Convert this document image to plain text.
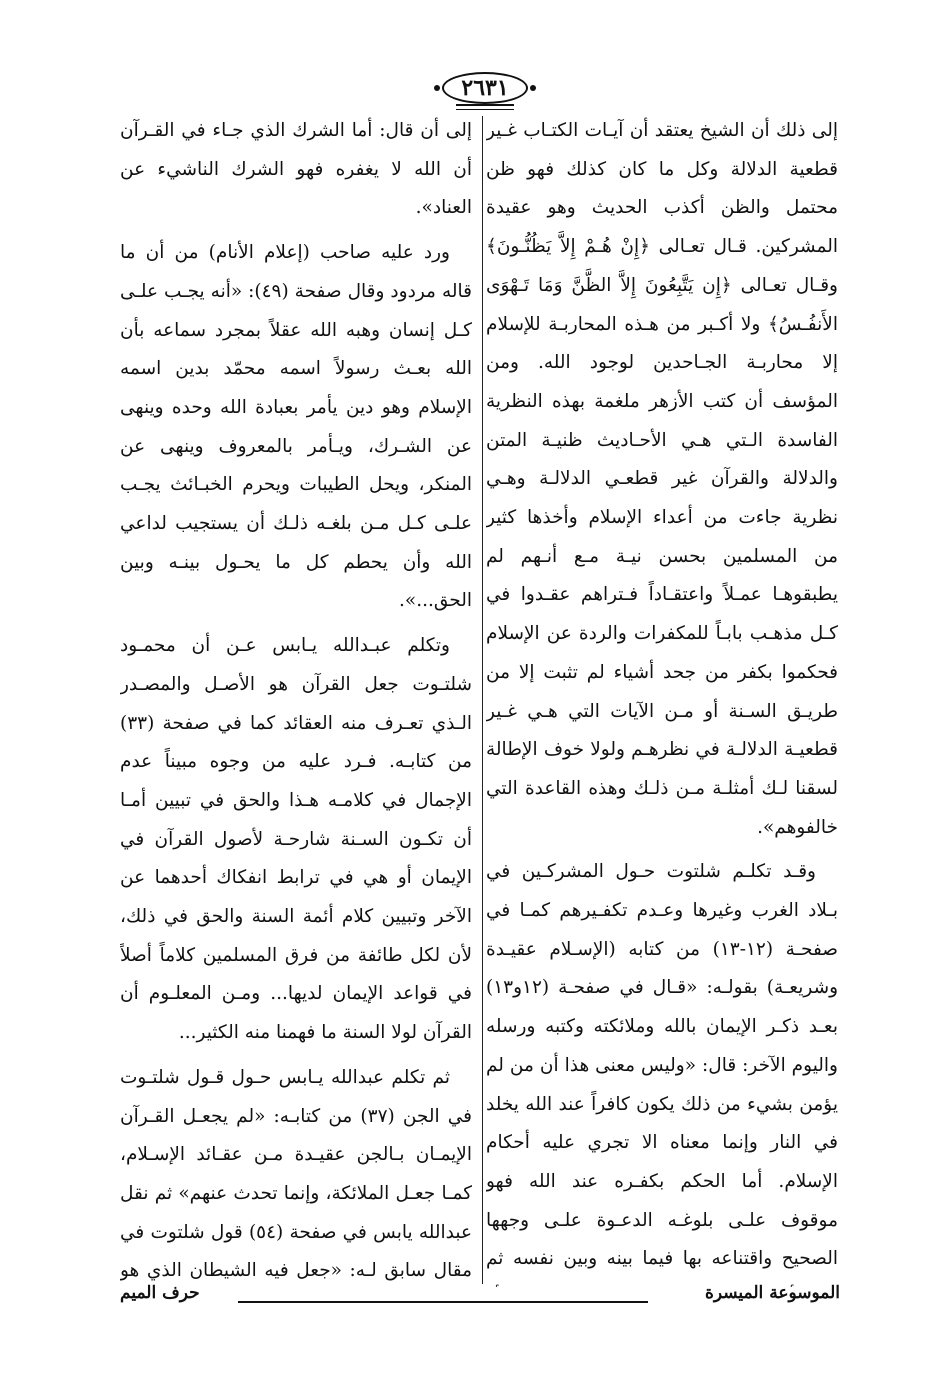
٢٦٣١

إلى ذلك أن الشيخ يعتقد أن آيـات الكتـاب غـير قطعية الدلالة وكل ما كان كذلك فهو ظن محتمل والظن أكذب الحديث وهو عقيدة المشركين. قـال تعـالى ﴿إِنْ هُـمْ إِلاَّ يَظُنُّـونَ﴾ وقـال تعـالى ﴿إِن يَتَّبِعُونَ إِلاَّ الظَّنَّ وَمَا تَـهْوَى الأَنفُـسُ﴾ ولا أكـبر من هـذه المحاربـة للإسلام إلا محاربـة الجـاحدين لوجود الله. ومن المؤسف أن كتب الأزهر ملغمة بهذه النظرية الفاسدة الـتي هـي الأحـاديث ظنيـة المتن والدلالة والقرآن غير قطعـي الدلالـة وهـي نظرية جاءت من أعداء الإسلام وأخذها كثير من المسلمين بحسن نيـة مـع أنـهم لم يطبقوهـا عمـلاً واعتقـاداً فـتراهم عقـدوا في كـل مذهـب بابـاً للمكفرات والردة عن الإسلام فحكموا بكفر من جحد أشياء لم تثبت إلا من طريـق السـنة أو مـن الآيات التي هـي غـير قطعيـة الدلالـة في نظرهـم ولولا خوف الإطالة لسقنا لـك أمثلـة مـن ذلـك وهذه القاعدة التي خالفوهم».

وقـد تكلـم شلتوت حـول المشركـين في بـلاد الغرب وغيرها وعـدم تكفـيرهم كمـا في صفحـة (١٢-١٣) من كتابه (الإسـلام عقيـدة وشريعـة) بقولـه: «قـال في صفحـة (١٢و١٣) بعـد ذكـر الإيمان بالله وملائكته وكتبه ورسله واليوم الآخر: قال: «وليس معنى هذا أن من لم يؤمن بشيء من ذلك يكون كافراً عند الله يخلد في النار وإنما معناه الا تجري عليه أحكام الإسلام. أما الحكم بكفـره عند الله فهو موقوف علـى بلوغـه الدعـوة علـى وجهها الصحيح واقتناعه بها فيما بينه وبين نفسه ثم

إلى أن قال: أما الشرك الذي جـاء في القـرآن أن الله لا يغفره فهو الشرك الناشيء عن العناد».

ورد عليه صاحب (إعلام الأنام) من أن ما قاله مردود وقال صفحة (٤٩): «أنه يجـب علـى كـل إنسان وهبه الله عقلاً بمجرد سماعه بأن الله بعـث رسولاً اسمه محمّد بدين اسمه الإسلام وهو دين يأمر بعبادة الله وحده وينهى عن الشـرك، ويـأمر بالمعروف وينهى عن المنكر، ويحل الطيبات ويحرم الخبـائث يجـب علـى كـل مـن بلغـه ذلـك أن يستجيب لداعي الله وأن يحطم كل ما يحـول بينـه وبين الحق...».

وتكلم عبـدالله يـابس عـن أن محمـود شلتـوت جعل القرآن هو الأصـل والمصـدر الـذي تعـرف منه العقائد كما في صفحة (٣٣) من كتابـه. فـرد عليه من وجوه مبيناً عدم الإجمال في كلامـه هـذا والحق في تبيين أمـا أن تكـون السـنة شارحـة لأصول القرآن في الإيمان أو هي في ترابط انفكاك أحدهما عن الآخر وتبيين كلام أئمة السنة والحق في ذلك، لأن لكل طائفة من فرق المسلمين كلاماً أصلاً في قواعد الإيمان لديها... ومـن المعلـوم أن القرآن لولا السنة ما فهمنا منه الكثير...

ثم تكلم عبدالله يـابس حـول قـول شلتـوت في الجن (٣٧) من كتابـه: «لم يجعـل القـرآن الإيمـان بـالجن عقيـدة مـن عقـائد الإسـلام، كمـا جعـل الملائكة، وإنما تحدث عنهم» ثم نقل عبدالله يابس في صفحة (٥٤) قول شلتوت في مقال سابق لـه: «جعل فيه الشيطان الذي هو

الموسوعة الميسرة
حرف الميم
